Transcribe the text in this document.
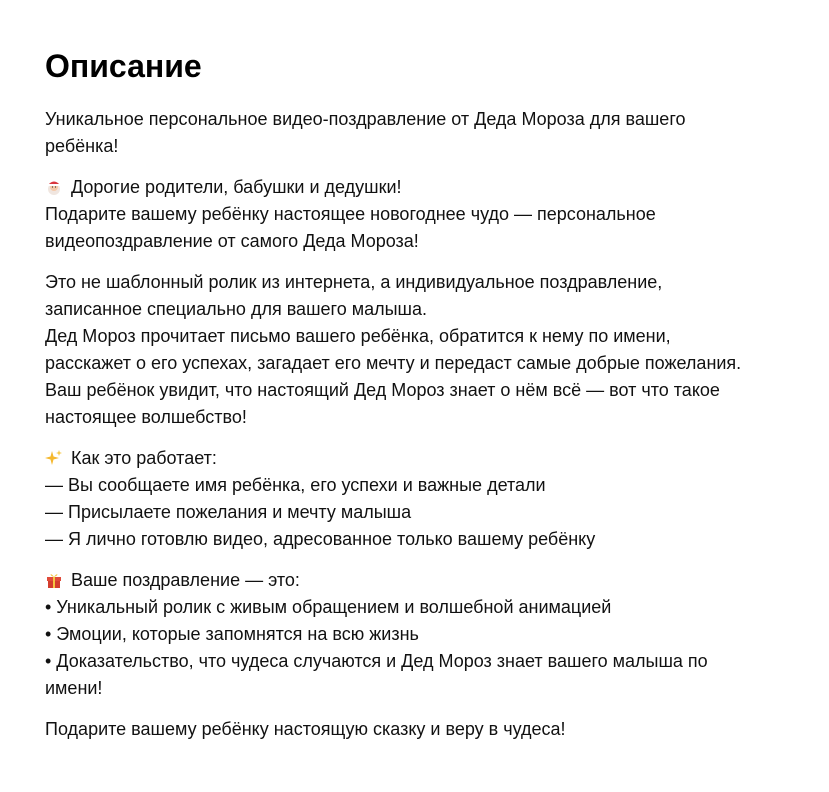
Описание
Уникальное персональное видео-поздравление от Деда Мороза для вашего
ребёнка!
Дорогие родители, бабушки и дедушки!
Подарите вашему ребёнку настоящее новогоднее чудо — персональное
видеопоздравление от самого Деда Мороза!
Это не шаблонный ролик из интернета, а индивидуальное поздравление,
записанное специально для вашего малыша.
Дед Мороз прочитает письмо вашего ребёнка, обратится к нему по имени,
расскажет о его успехах, загадает его мечту и передаст самые добрые пожелания.
Ваш ребёнок увидит, что настоящий Дед Мороз знает о нём всё — вот что такое
настоящее волшебство!
Как это работает:
— Вы сообщаете имя ребёнка, его успехи и важные детали
— Присылаете пожелания и мечту малыша
— Я лично готовлю видео, адресованное только вашему ребёнку
Ваше поздравление — это:
• Уникальный ролик с живым обращением и волшебной анимацией
• Эмоции, которые запомнятся на всю жизнь
• Доказательство, что чудеса случаются и Дед Мороз знает вашего малыша по
имени!
Подарите вашему ребёнку настоящую сказку и веру в чудеса!
